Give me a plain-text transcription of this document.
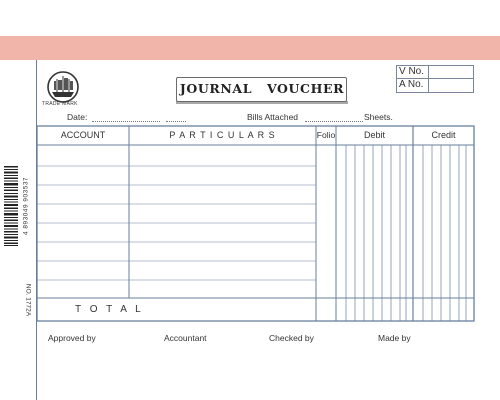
TRADE MARK
JOURNAL   VOUCHER
V No.
A No.
Date:	Bills Attached	Sheets.
4 893049 903537
NO. 1772A
ACCOUNT	P A R T I C U L A R S	Folio	Debit	Credit
T O T A L
Approved by	Accountant	Checked by	Made by
